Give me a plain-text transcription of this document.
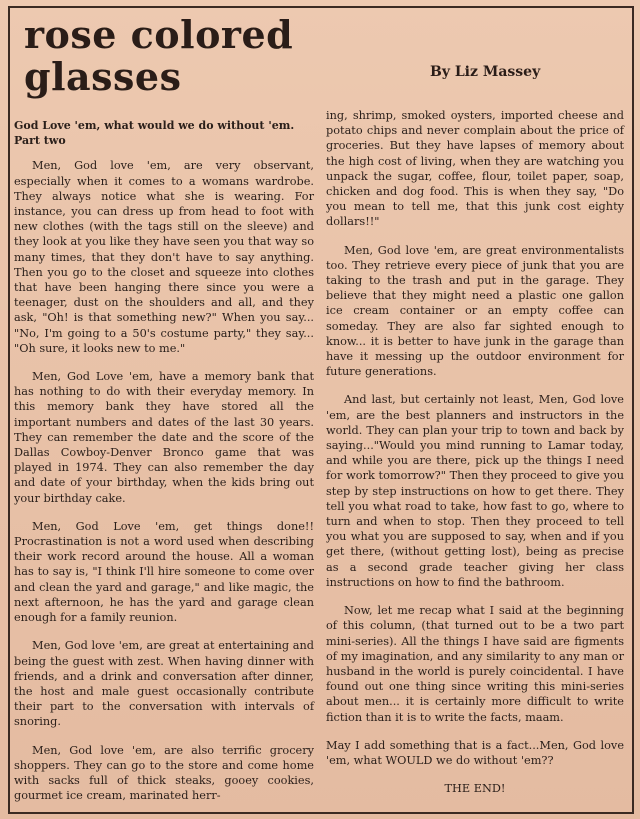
rose colored
glasses	By Liz Massey

God Love 'em, what would we do without 'em.
Part two

Men, God love 'em, are very observant, especially when it comes to a womans wardrobe. They always notice what she is wearing. For instance, you can dress up from head to foot with new clothes (with the tags still on the sleeve) and they look at you like they have seen you that way so many times, that they don't have to say anything. Then you go to the closet and squeeze into clothes that have been hanging there since you were a teenager, dust on the shoulders and all, and they ask, "Oh! is that something new?" When you say... "No, I'm going to a 50's costume party," they say... "Oh sure, it looks new to me."

Men, God Love 'em, have a memory bank that has nothing to do with their everyday memory. In this memory bank they have stored all the important numbers and dates of the last 30 years. They can remember the date and the score of the Dallas Cowboy-Denver Bronco game that was played in 1974. They can also remember the day and date of your birthday, when the kids bring out your birthday cake.

Men, God Love 'em, get things done!! Procrastination is not a word used when describing their work record around the house. All a woman has to say is, "I think I'll hire someone to come over and clean the yard and garage," and like magic, the next afternoon, he has the yard and garage clean enough for a family reunion.

Men, God love 'em, are great at entertaining and being the guest with zest. When having dinner with friends, and a drink and conversation after dinner, the host and male guest occasionally contribute their part to the conversation with intervals of snoring.

Men, God love 'em, are also terrific grocery shoppers. They can go to the store and come home with sacks full of thick steaks, gooey cookies, gourmet ice cream, marinated herr-

ing, shrimp, smoked oysters, imported cheese and potato chips and never complain about the price of groceries. But they have lapses of memory about the high cost of living, when they are watching you unpack the sugar, coffee, flour, toilet paper, soap, chicken and dog food. This is when they say, "Do you mean to tell me, that this junk cost eighty dollars!!"

Men, God love 'em, are great environmentalists too. They retrieve every piece of junk that you are taking to the trash and put in the garage. They believe that they might need a plastic one gallon ice cream container or an empty coffee can someday. They are also far sighted enough to know... it is better to have junk in the garage than have it messing up the outdoor environment for future generations.

And last, but certainly not least, Men, God love 'em, are the best planners and instructors in the world. They can plan your trip to town and back by saying..."Would you mind running to Lamar today, and while you are there, pick up the things I need for work tomorrow?" Then they proceed to give you step by step instructions on how to get there. They tell you what road to take, how fast to go, where to turn and when to stop. Then they proceed to tell you what you are supposed to say, when and if you get there, (without getting lost), being as precise as a second grade teacher giving her class instructions on how to find the bathroom.

Now, let me recap what I said at the beginning of this column, (that turned out to be a two part mini-series). All the things I have said are figments of my imagination, and any similarity to any man or husband in the world is purely coincidental. I have found out one thing since writing this mini-series about men... it is certainly more difficult to write fiction than it is to write the facts, maam.

May I add something that is a fact...Men, God love 'em, what WOULD we do without 'em??

THE END!
